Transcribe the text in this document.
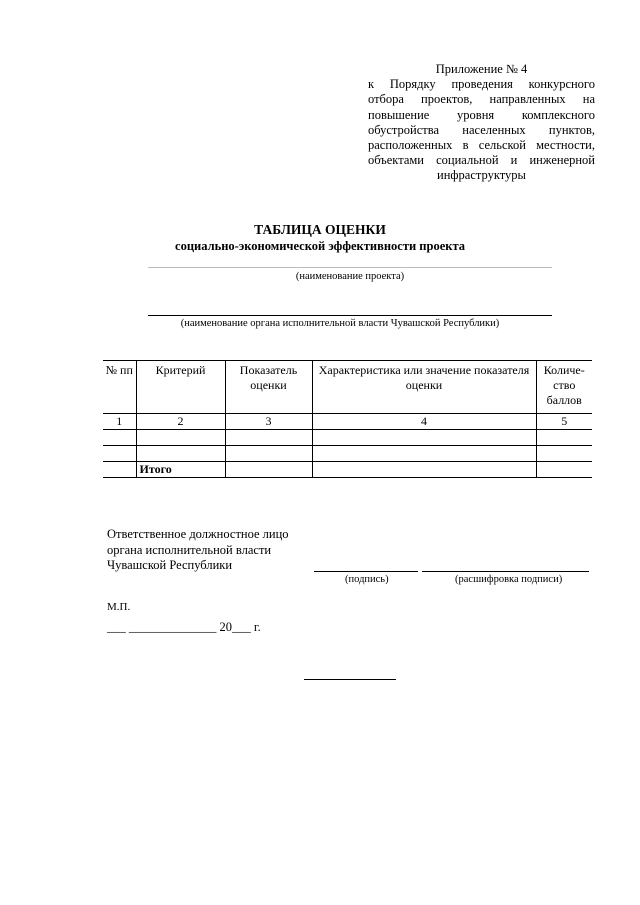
Приложение № 4
к Порядку проведения конкурсного отбора проектов, направленных на повышение уровня комплексного обустройства населенных пунктов, расположенных в сельской местности, объектами социальной и инженерной инфраструктуры
ТАБЛИЦА ОЦЕНКИ
социально-экономической эффективности проекта
(наименование проекта)
(наименование органа исполнительной власти Чувашской Республики)
№ пп	Критерий	Показатель оценки	Характеристика или значение показателя оценки	Количе-ство баллов
1	2	3	4	5

	Итого			
Ответственное должностное лицо
органа исполнительной власти
Чувашской Республики
(подпись)	(расшифровка подписи)
М.П.
___ ______________ 20___ г.
